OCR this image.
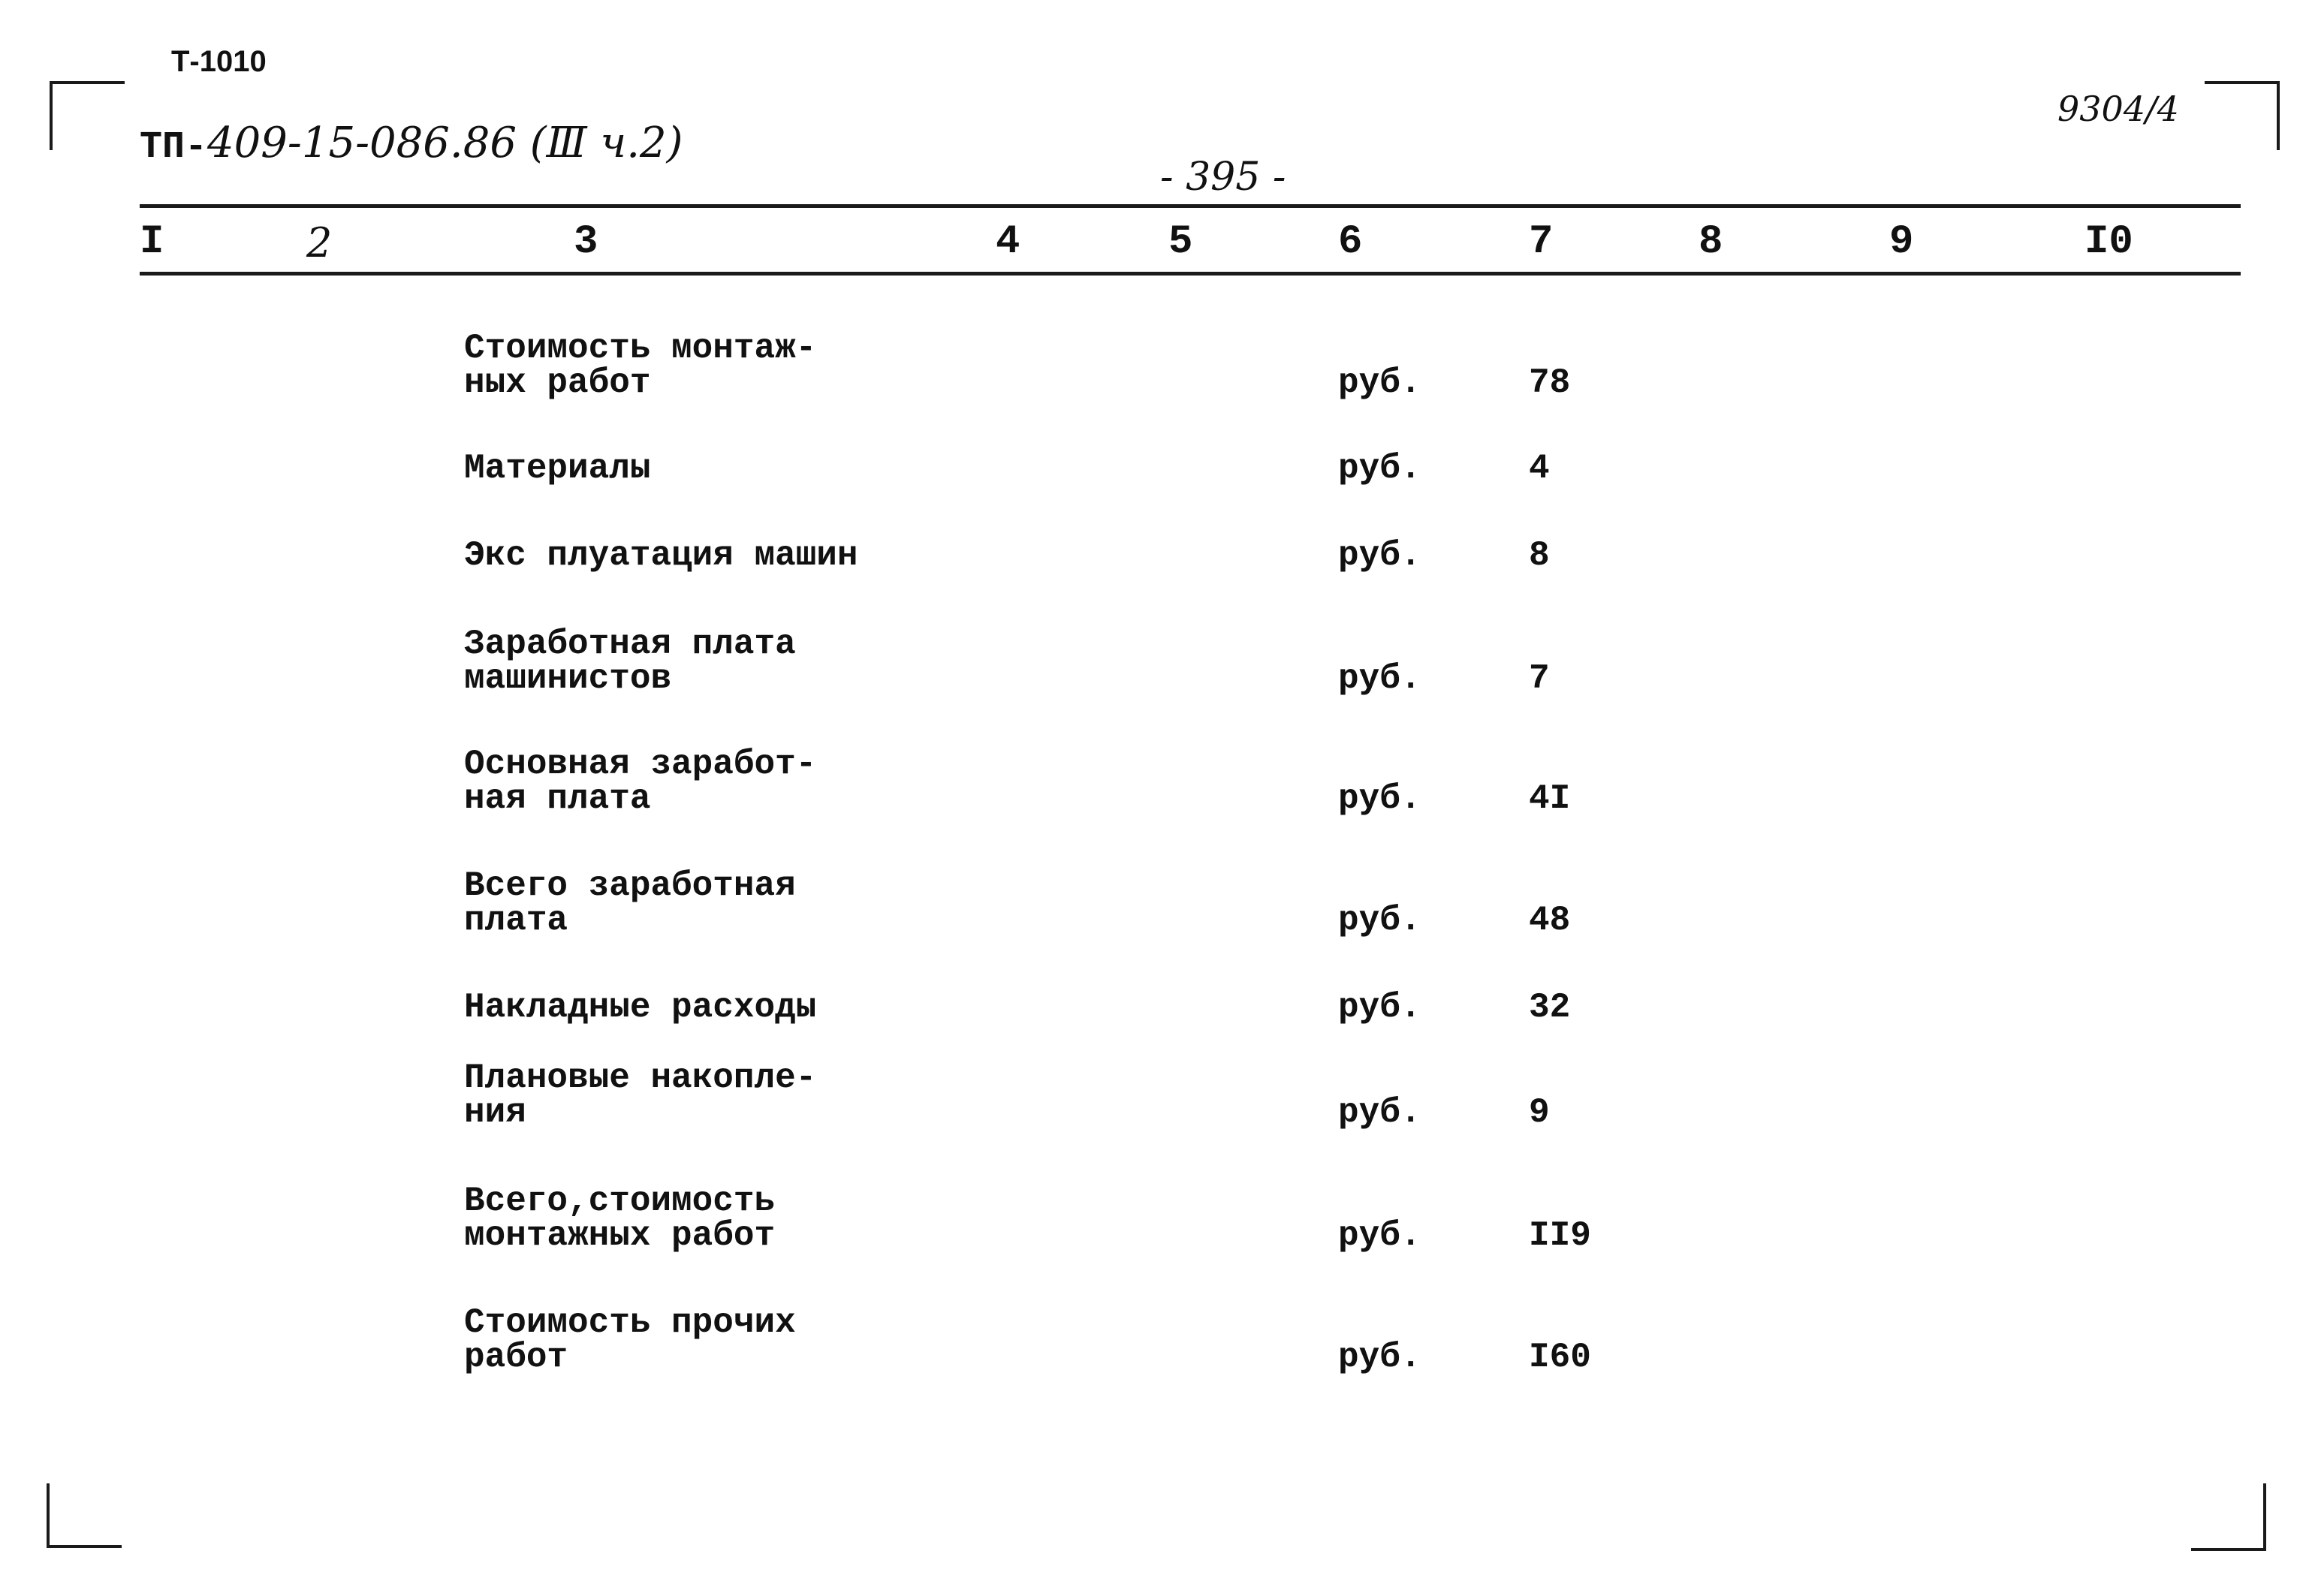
Т-1010
ТП-409-15-086.86 (Ⅲ ч.2)
9304/4
- 395 -
I	2	3	4	5	6	7	8	9	I0
Стоимость монтаж-
ных работ	руб.	78
Материалы	руб.	4
Экс плуатация машин	руб.	8
Заработная плата
машинистов	руб.	7
Основная заработ-
ная плата	руб.	4I
Всего заработная
плата	руб.	48
Накладные расходы	руб.	32
Плановые накопле-
ния	руб.	9
Всего,стоимость
монтажных работ	руб.	II9
Стоимость прочих
работ	руб.	I60
